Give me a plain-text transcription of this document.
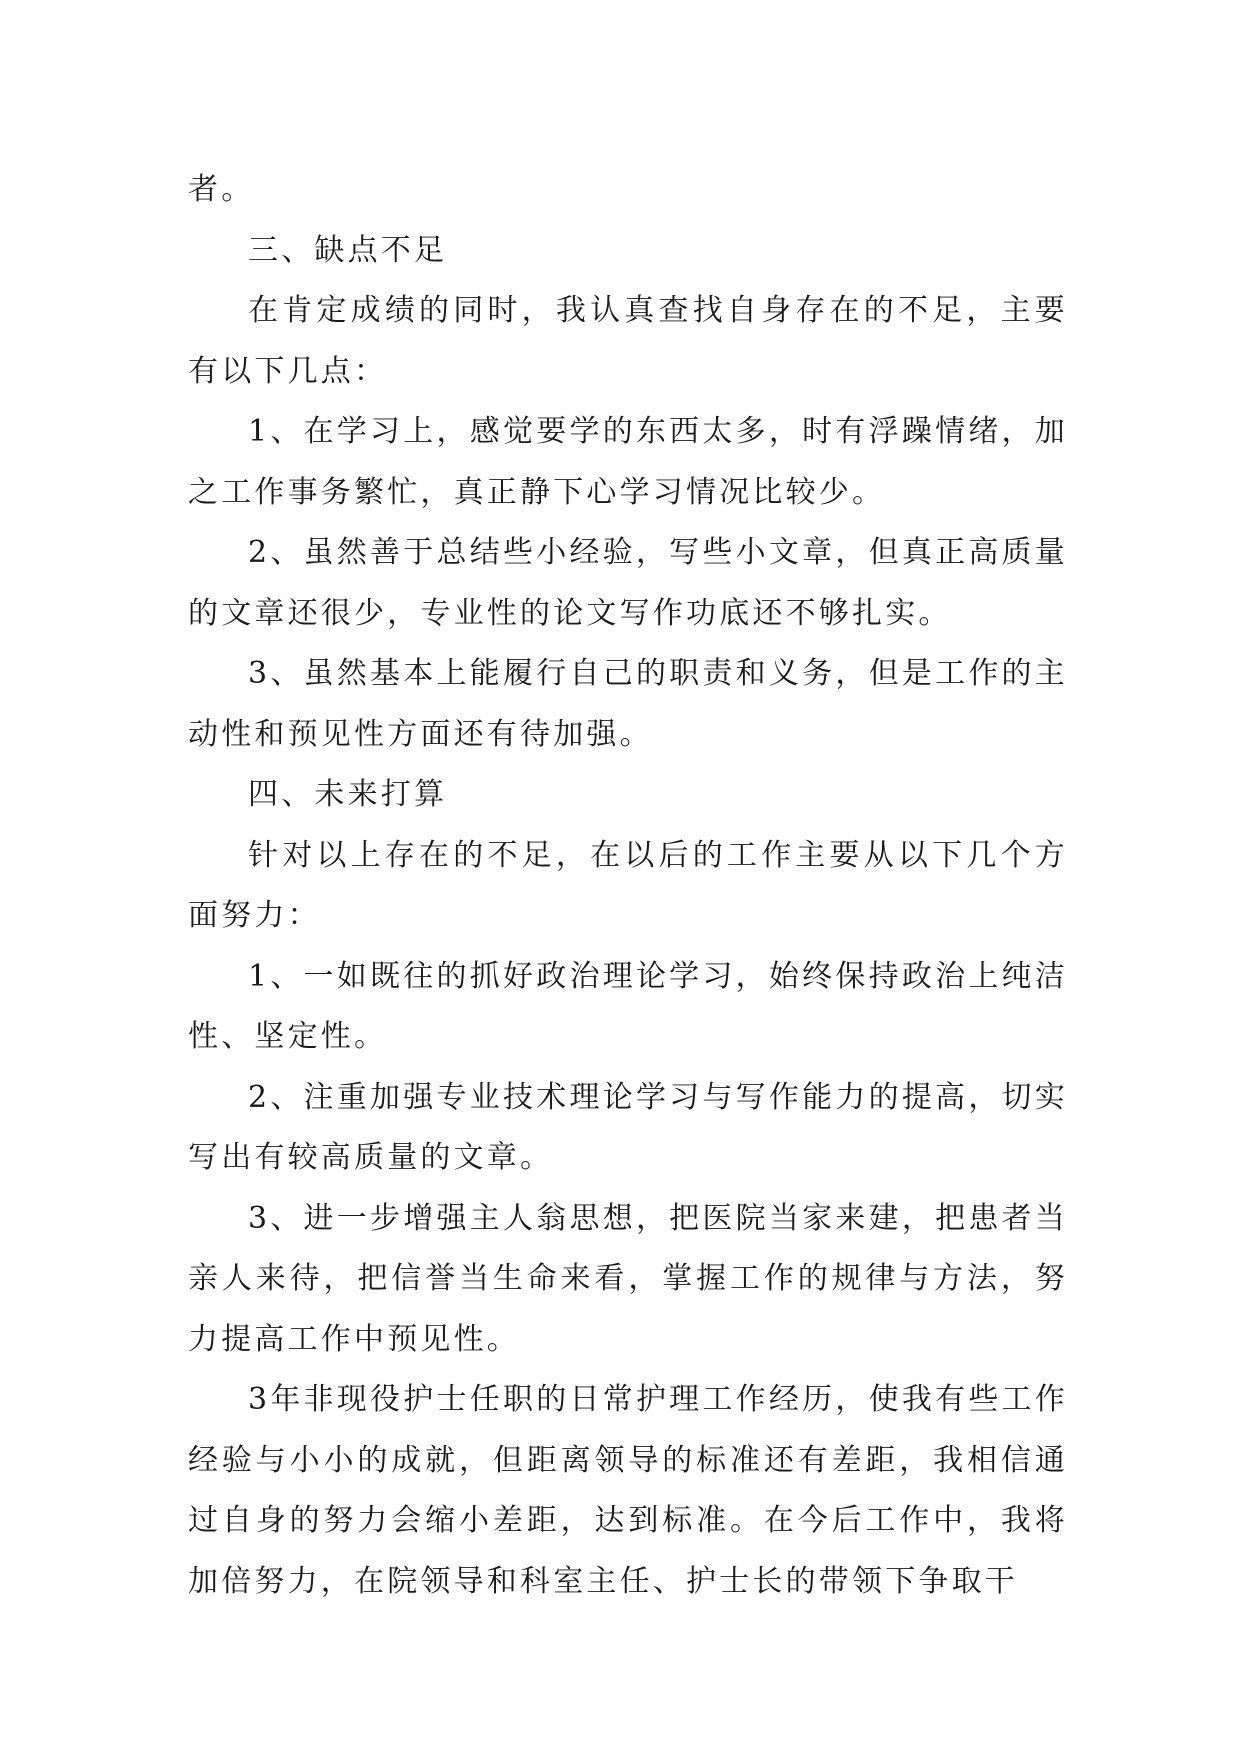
者。

三、缺点不足

在肯定成绩的同时，我认真查找自身存在的不足，主要有以下几点：

1、在学习上，感觉要学的东西太多，时有浮躁情绪，加之工作事务繁忙，真正静下心学习情况比较少。

2、虽然善于总结些小经验，写些小文章，但真正高质量的文章还很少，专业性的论文写作功底还不够扎实。

3、虽然基本上能履行自己的职责和义务，但是工作的主动性和预见性方面还有待加强。

四、未来打算

针对以上存在的不足，在以后的工作主要从以下几个方面努力：

1、一如既往的抓好政治理论学习，始终保持政治上纯洁性、坚定性。

2、注重加强专业技术理论学习与写作能力的提高，切实写出有较高质量的文章。

3、进一步增强主人翁思想，把医院当家来建，把患者当亲人来待，把信誉当生命来看，掌握工作的规律与方法，努力提高工作中预见性。

3年非现役护士任职的日常护理工作经历，使我有些工作经验与小小的成就，但距离领导的标准还有差距，我相信通过自身的努力会缩小差距，达到标准。在今后工作中，我将加倍努力，在院领导和科室主任、护士长的带领下争取干
